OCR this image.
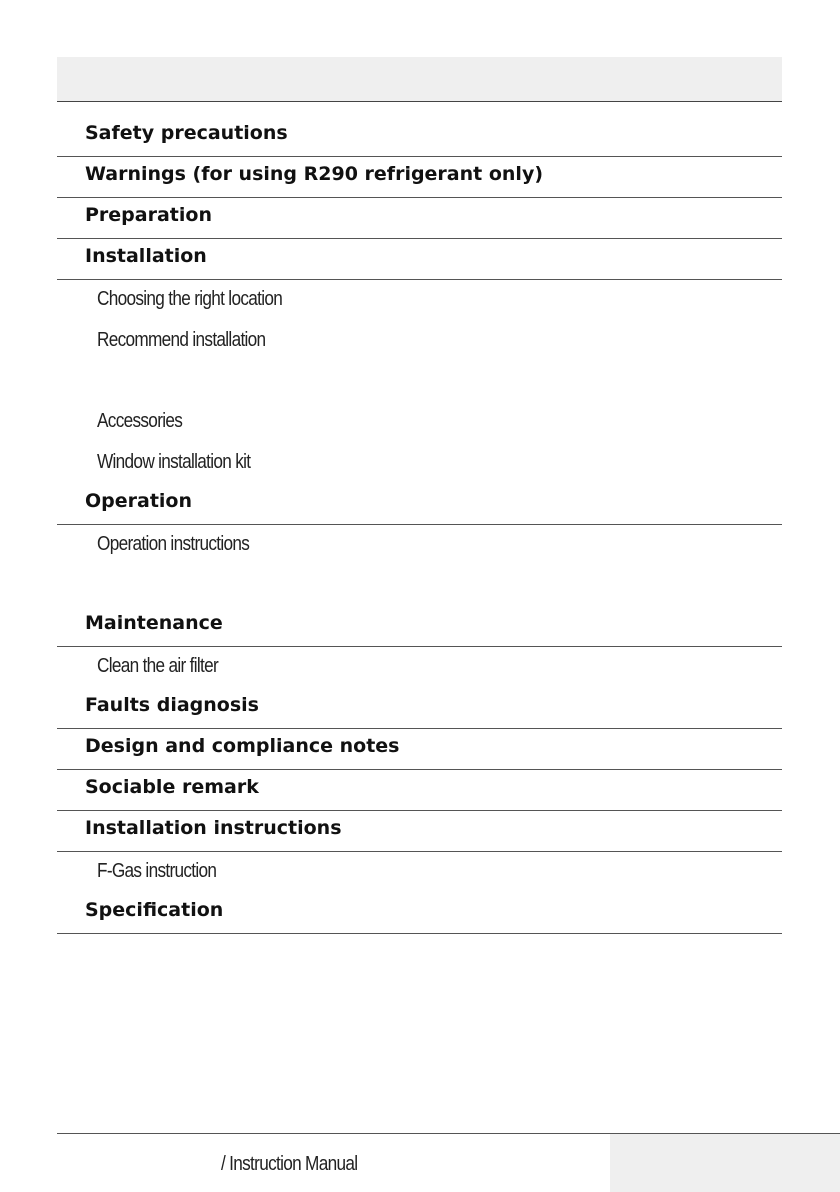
Safety precautions
Warnings (for using R290 refrigerant only)
Preparation
Installation
Choosing the right location
Recommend installation
Accessories
Window installation kit
Operation
Operation instructions
Maintenance
Clean the air filter
Faults diagnosis
Design and compliance notes
Sociable remark
Installation instructions
F-Gas instruction
Specification
/ Instruction Manual
